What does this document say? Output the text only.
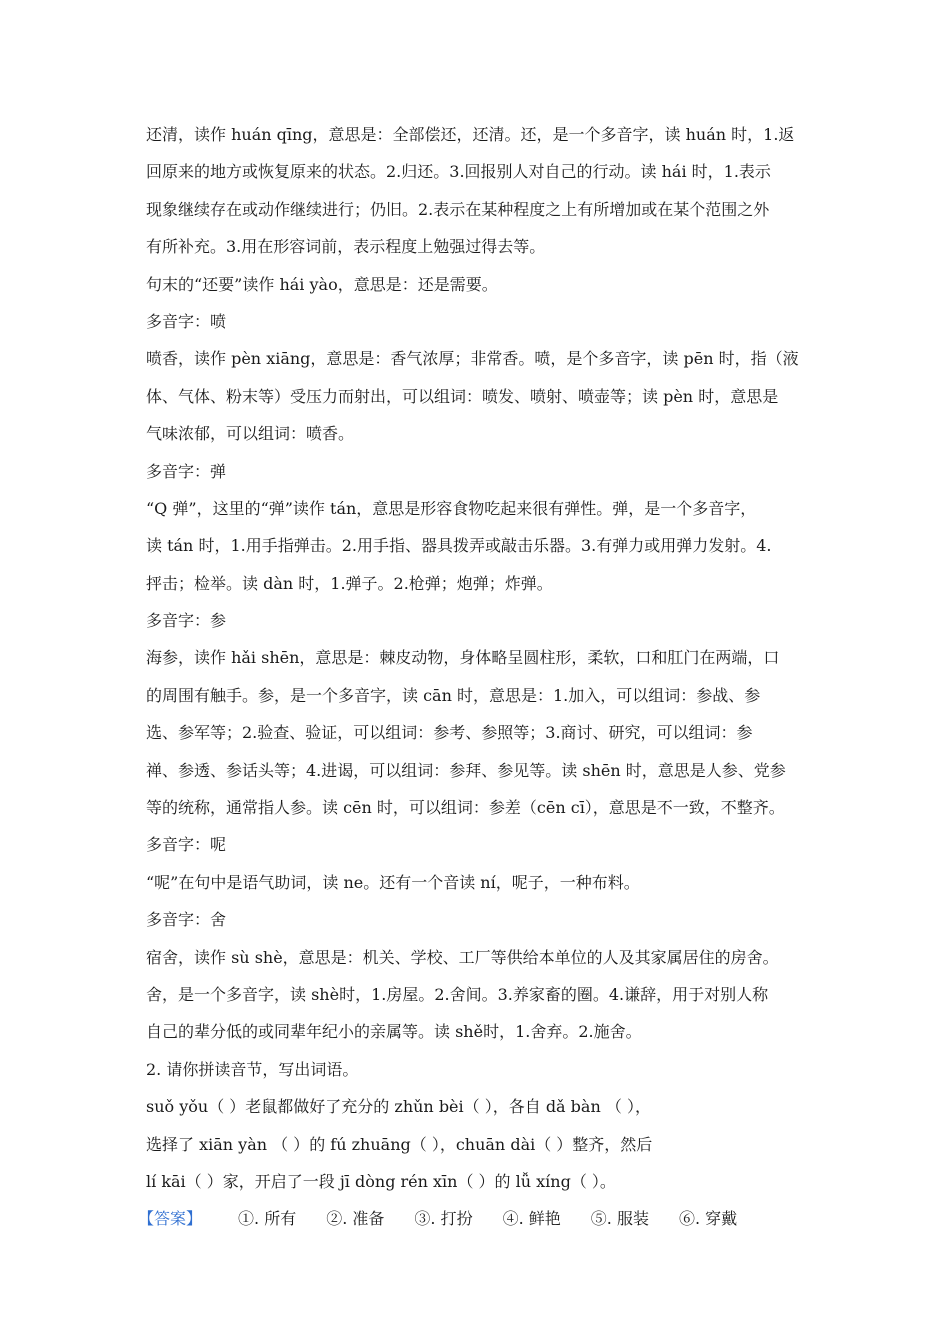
还清，读作 huán qīng，意思是：全部偿还，还清。还，是一个多音字，读 huán 时，1.返
回原来的地方或恢复原来的状态。2.归还。3.回报别人对自己的行动。读 hái 时，1.表示
现象继续存在或动作继续进行；仍旧。2.表示在某种程度之上有所增加或在某个范围之外
有所补充。3.用在形容词前，表示程度上勉强过得去等。
句末的“还要”读作 hái yào，意思是：还是需要。
多音字：喷
喷香，读作 pèn xiāng，意思是：香气浓厚；非常香。喷，是个多音字，读 pēn 时，指（液
体、气体、粉末等）受压力而射出，可以组词：喷发、喷射、喷壶等；读 pèn 时，意思是
气味浓郁，可以组词：喷香。
多音字：弹
“Q 弹”，这里的“弹”读作 tán，意思是形容食物吃起来很有弹性。弹，是一个多音字，
读 tán 时，1.用手指弹击。2.用手指、器具拨弄或敲击乐器。3.有弹力或用弹力发射。4.
抨击；检举。读 dàn 时，1.弹子。2.枪弹；炮弹；炸弹。
多音字：参
海参，读作 hǎi shēn，意思是：棘皮动物，身体略呈圆柱形，柔软，口和肛门在两端，口
的周围有触手。参，是一个多音字，读 cān 时，意思是：1.加入，可以组词：参战、参
选、参军等；2.验查、验证，可以组词：参考、参照等；3.商讨、研究，可以组词：参
禅、参透、参话头等；4.进谒，可以组词：参拜、参见等。读 shēn 时，意思是人参、党参
等的统称，通常指人参。读 cēn 时，可以组词：参差（cēn cī），意思是不一致，不整齐。
多音字：呢
“呢”在句中是语气助词，读 ne。还有一个音读 ní，呢子，一种布料。
多音字：舍
宿舍，读作 sù shè，意思是：机关、学校、工厂等供给本单位的人及其家属居住的房舍。
舍，是一个多音字，读 shè时，1.房屋。2.舍间。3.养家畜的圈。4.谦辞，用于对别人称
自己的辈分低的或同辈年纪小的亲属等。读 shě时，1.舍弃。2.施舍。
2. 请你拼读音节，写出词语。
suǒ yǒu（ ）老鼠都做好了充分的 zhǔn bèi（ ），各自 dǎ bàn （ ），
选择了 xiān yàn （ ）的 fú zhuāng（ ），chuān dài（ ）整齐，然后
lí kāi（ ）家，开启了一段 jī dòng rén xīn（ ）的 lǚ xíng（ ）。
【答案】 ①. 所有 ②. 准备 ③. 打扮 ④. 鲜艳 ⑤. 服装 ⑥. 穿戴
